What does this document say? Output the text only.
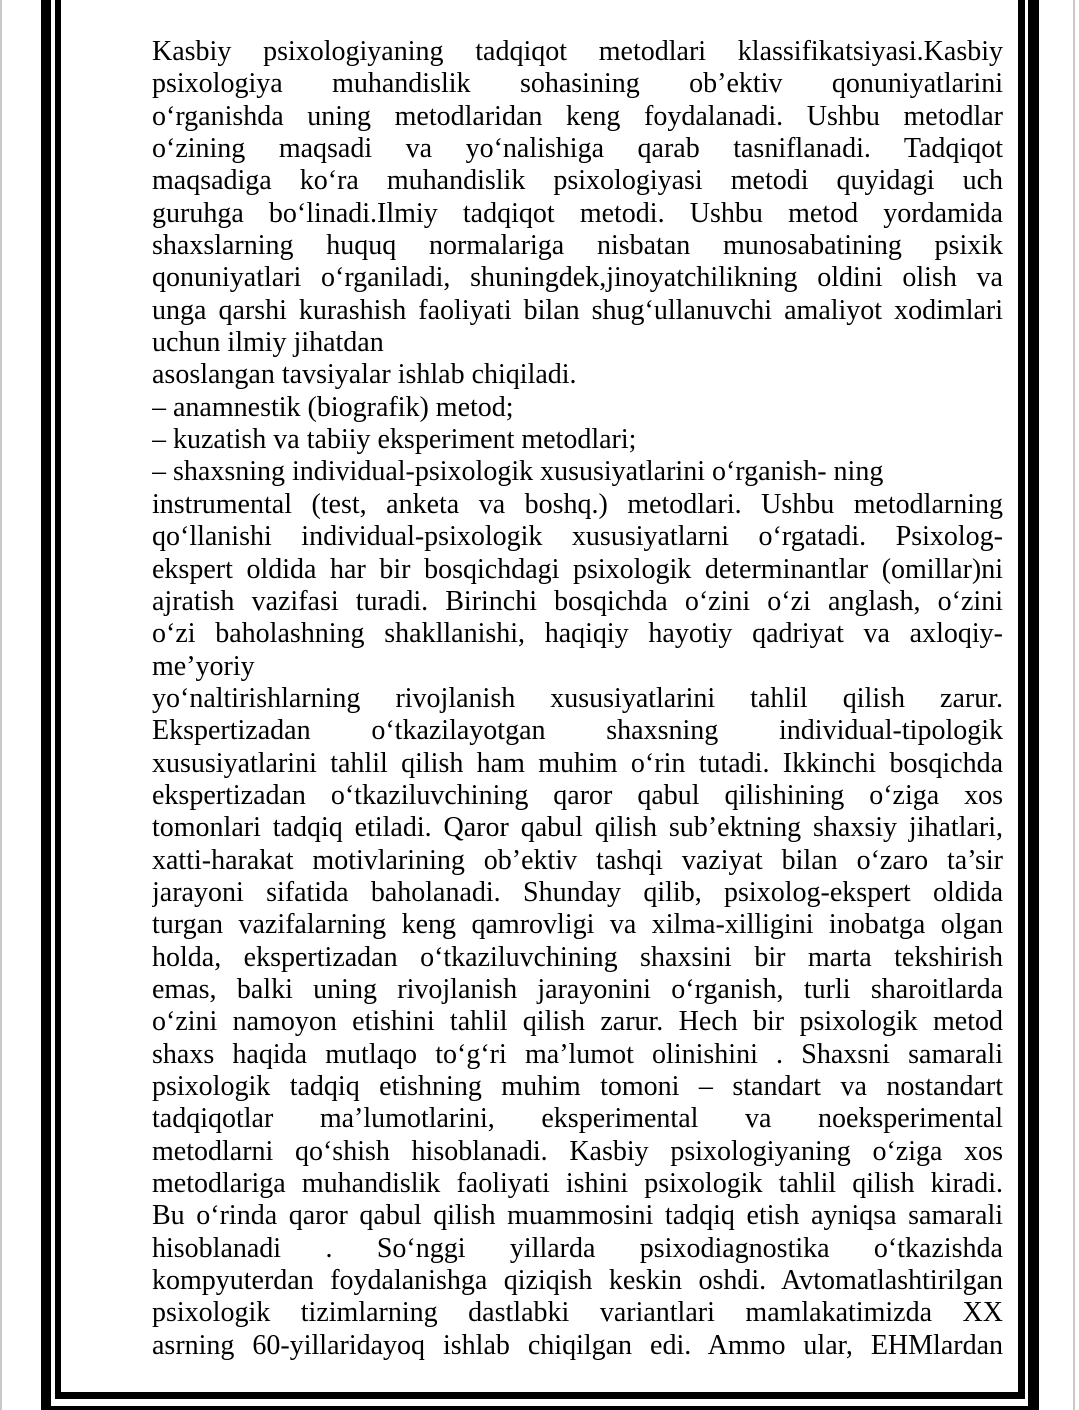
Kasbiy psixologiyaning tadqiqot metodlari klassifikatsiyasi.Kasbiy
psixologiya muhandislik sohasining ob’ektiv qonuniyatlarini
o‘rganishda uning metodlaridan keng foydalanadi. Ushbu metodlar
o‘zining maqsadi va yo‘nalishiga qarab tasniflanadi. Tadqiqot
maqsadiga ko‘ra muhandislik psixologiyasi metodi quyidagi uch
guruhga bo‘linadi.Ilmiy tadqiqot metodi. Ushbu metod yordamida
shaxslarning huquq normalariga nisbatan munosabatining psixik
qonuniyatlari o‘rganiladi, shuningdek,jinoyatchilikning oldini olish va
unga qarshi kurashish faoliyati bilan shug‘ullanuvchi amaliyot xodimlari
uchun ilmiy jihatdan
asoslangan tavsiyalar ishlab chiqiladi.
– anamnestik (biografik) metod;
– kuzatish va tabiiy eksperiment metodlari;
– shaxsning individual-psixologik xususiyatlarini o‘rganish- ning
instrumental (test, anketa va boshq.) metodlari. Ushbu metodlarning
qo‘llanishi individual-psixologik xususiyatlarni o‘rgatadi. Psixolog-
ekspert oldida har bir bosqichdagi psixologik determinantlar (omillar)ni
ajratish vazifasi turadi. Birinchi bosqichda o‘zini o‘zi anglash, o‘zini
o‘zi baholashning shakllanishi, haqiqiy hayotiy qadriyat va axloqiy-
me’yoriy
yo‘naltirishlarning rivojlanish xususiyatlarini tahlil qilish zarur.
Ekspertizadan o‘tkazilayotgan shaxsning individual-tipologik
xususiyatlarini tahlil qilish ham muhim o‘rin tutadi. Ikkinchi bosqichda
ekspertizadan o‘tkaziluvchining qaror qabul qilishining o‘ziga xos
tomonlari tadqiq etiladi. Qaror qabul qilish sub’ektning shaxsiy jihatlari,
xatti-harakat motivlarining ob’ektiv tashqi vaziyat bilan o‘zaro ta’sir
jarayoni sifatida baholanadi. Shunday qilib, psixolog-ekspert oldida
turgan vazifalarning keng qamrovligi va xilma-xilligini inobatga olgan
holda, ekspertizadan o‘tkaziluvchining shaxsini bir marta tekshirish
emas, balki uning rivojlanish jarayonini o‘rganish, turli sharoitlarda
o‘zini namoyon etishini tahlil qilish zarur. Hech bir psixologik metod
shaxs haqida mutlaqo to‘g‘ri ma’lumot olinishini . Shaxsni samarali
psixologik tadqiq etishning muhim tomoni – standart va nostandart
tadqiqotlar ma’lumotlarini, eksperimental va noeksperimental
metodlarni qo‘shish hisoblanadi. Kasbiy psixologiyaning o‘ziga xos
metodlariga muhandislik faoliyati ishini psixologik tahlil qilish kiradi.
Bu o‘rinda qaror qabul qilish muammosini tadqiq etish ayniqsa samarali
hisoblanadi . So‘nggi yillarda psixodiagnostika o‘tkazishda
kompyuterdan foydalanishga qiziqish keskin oshdi. Avtomatlashtirilgan
psixologik tizimlarning dastlabki variantlari mamlakatimizda XX
asrning 60-yillaridayoq ishlab chiqilgan edi. Ammo ular, EHMlardan
